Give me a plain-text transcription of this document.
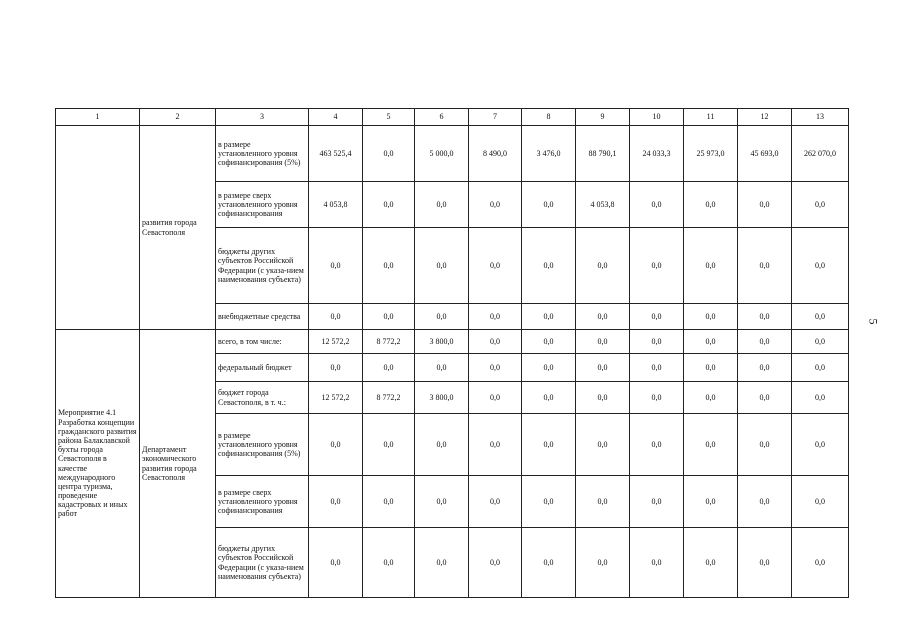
1	2	3	4	5	6	7	8	9	10	11	12	13
	развития города Севастополя	в размере установленного уровня софинансирования (5%)	463 525,4	0,0	5 000,0	8 490,0	3 476,0	88 790,1	24 033,3	25 973,0	45 693,0	262 070,0
		в размере сверх установленного уровня софинансирования	4 053,8	0,0	0,0	0,0	0,0	4 053,8	0,0	0,0	0,0	0,0
		бюджеты других субъектов Российской Федерации (с указа-нием наименования субъекта)	0,0	0,0	0,0	0,0	0,0	0,0	0,0	0,0	0,0	0,0
		внебюджетные средства	0,0	0,0	0,0	0,0	0,0	0,0	0,0	0,0	0,0	0,0
Мероприятие 4.1 Разработка концепции гражданского развития района Балаклавской бухты города Севастополя в качестве международного центра туризма, проведение кадастровых и иных работ	Департамент экономического развития города Севастополя	всего, в том числе:	12 572,2	8 772,2	3 800,0	0,0	0,0	0,0	0,0	0,0	0,0	0,0
		федеральный бюджет	0,0	0,0	0,0	0,0	0,0	0,0	0,0	0,0	0,0	0,0
		бюджет города Севастополя, в т. ч.:	12 572,2	8 772,2	3 800,0	0,0	0,0	0,0	0,0	0,0	0,0	0,0
		в размере установленного уровня софинансирования (5%)	0,0	0,0	0,0	0,0	0,0	0,0	0,0	0,0	0,0	0,0
		в размере сверх установленного уровня софинансирования	0,0	0,0	0,0	0,0	0,0	0,0	0,0	0,0	0,0	0,0
		бюджеты других субъектов Российской Федерации (с указа-нием наименования субъекта)	0,0	0,0	0,0	0,0	0,0	0,0	0,0	0,0	0,0	0,0
5
